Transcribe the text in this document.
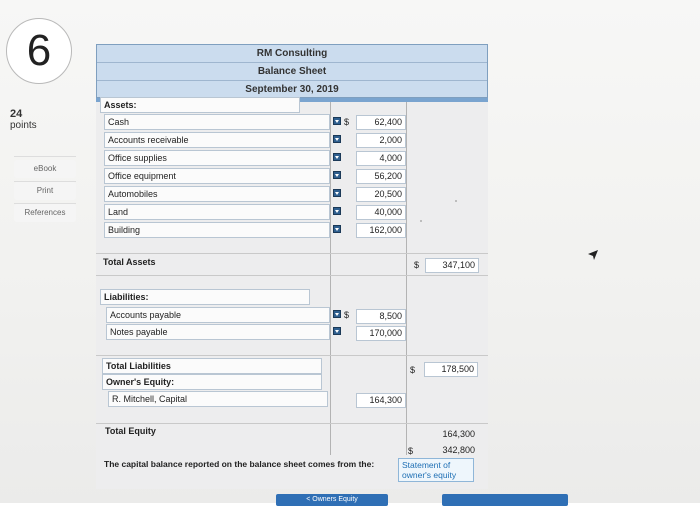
6
24
points
eBook
Print
References
RM Consulting
Balance Sheet
September 30, 2019
Assets:
Cash	$	62,400
Accounts receivable	2,000
Office supplies	4,000
Office equipment	56,200
Automobiles	20,500
Land	40,000
Building	162,000
Total Assets	$	347,100
Liabilities:
Accounts payable	$	8,500
Notes payable	170,000
Total Liabilities	$	178,500
Owner's Equity:
R. Mitchell, Capital	164,300
Total Equity	164,300
$	342,800
The capital balance reported on the balance sheet comes from the:	Statement of owner's equity
< Owners Equity
